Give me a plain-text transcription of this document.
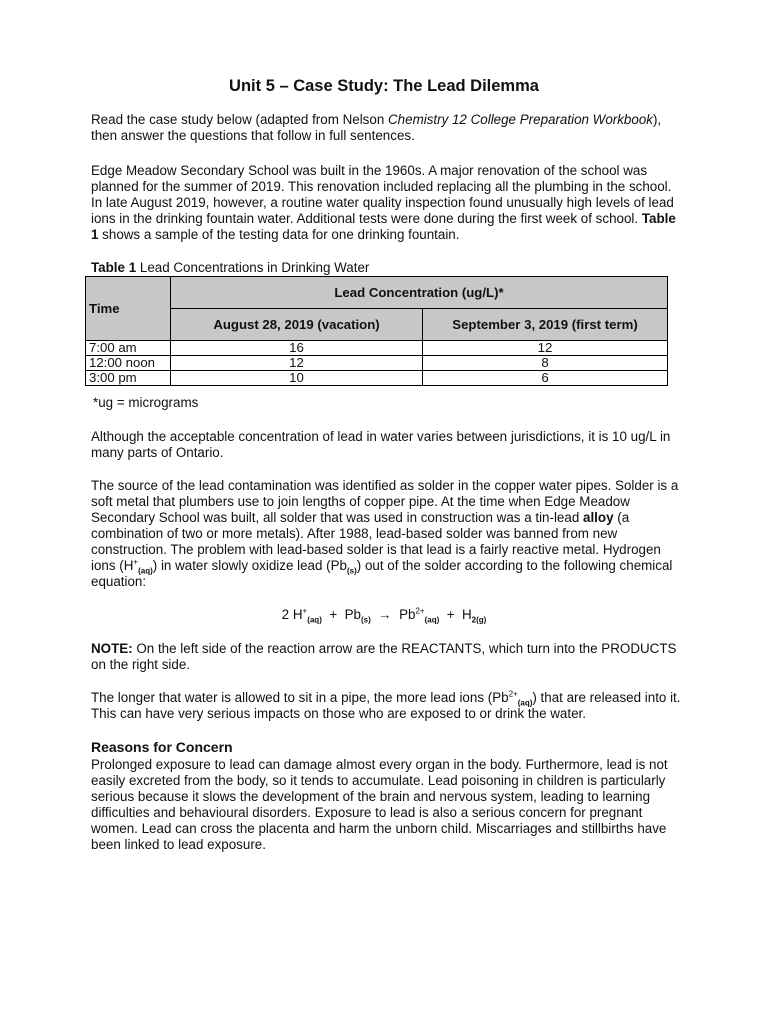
Unit 5 – Case Study: The Lead Dilemma

Read the case study below (adapted from Nelson Chemistry 12 College Preparation Workbook), then answer the questions that follow in full sentences.

Edge Meadow Secondary School was built in the 1960s. A major renovation of the school was planned for the summer of 2019. This renovation included replacing all the plumbing in the school. In late August 2019, however, a routine water quality inspection found unusually high levels of lead ions in the drinking fountain water. Additional tests were done during the first week of school. Table 1 shows a sample of the testing data for one drinking fountain.

Table 1 Lead Concentrations in Drinking Water
Time	Lead Concentration (ug/L)*	
	August 28, 2019 (vacation)	September 3, 2019 (first term)
7:00 am	16	12
12:00 noon	12	8
3:00 pm	10	6
*ug = micrograms

Although the acceptable concentration of lead in water varies between jurisdictions, it is 10 ug/L in many parts of Ontario.

The source of the lead contamination was identified as solder in the copper water pipes. Solder is a soft metal that plumbers use to join lengths of copper pipe. At the time when Edge Meadow Secondary School was built, all solder that was used in construction was a tin-lead alloy (a combination of two or more metals). After 1988, lead-based solder was banned from new construction. The problem with lead-based solder is that lead is a fairly reactive metal. Hydrogen ions $(H^+_{(aq)})$ in water slowly oxidize lead $(Pb_{(s)})$ out of the solder according to the following chemical equation:

2 $H^+_{(aq)} + Pb_{(s)} \to Pb^{2+}_{(aq)} + H_{2(g)}$

NOTE: On the left side of the reaction arrow are the REACTANTS, which turn into the PRODUCTS on the right side.

The longer that water is allowed to sit in a pipe, the more lead ions $(Pb^{2+}_{(aq)})$ that are released into it. This can have very serious impacts on those who are exposed to or drink the water.

Reasons for Concern

Prolonged exposure to lead can damage almost every organ in the body. Furthermore, lead is not easily excreted from the body, so it tends to accumulate. Lead poisoning in children is particularly serious because it slows the development of the brain and nervous system, leading to learning difficulties and behavioural disorders. Exposure to lead is also a serious concern for pregnant women. Lead can cross the placenta and harm the unborn child. Miscarriages and stillbirths have been linked to lead exposure.
